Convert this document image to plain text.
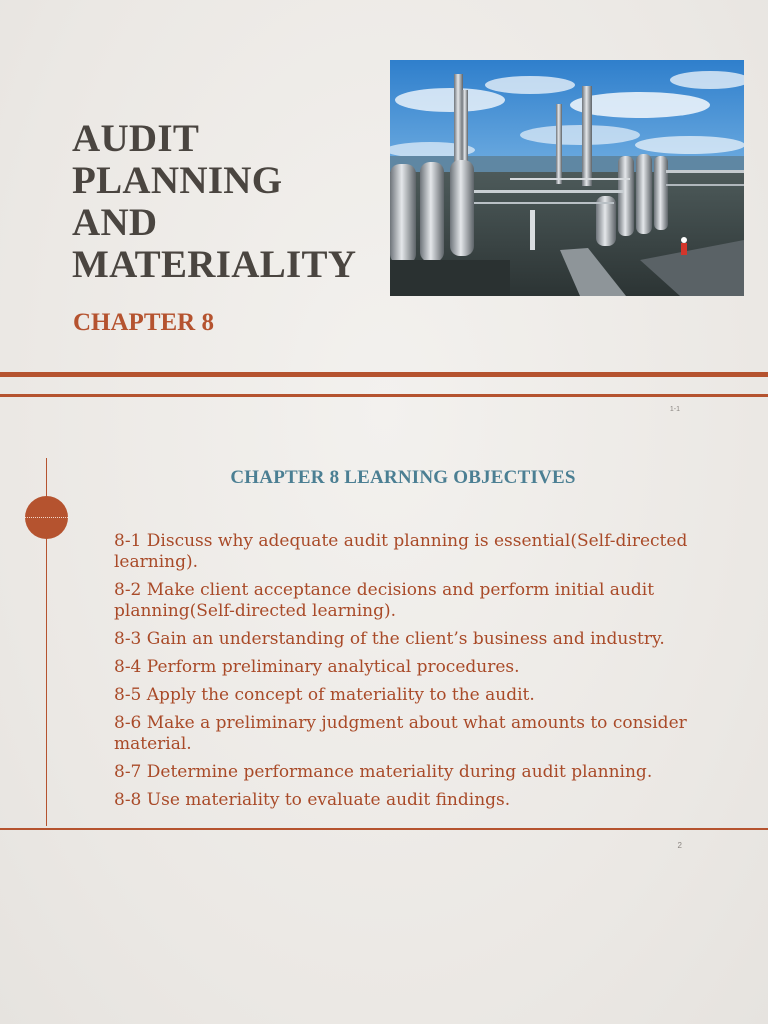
AUDIT
PLANNING
AND
MATERIALITY
CHAPTER 8
1-1
CHAPTER 8 LEARNING OBJECTIVES
8-1 Discuss why adequate audit planning is essential(Self-directed learning).
8-2 Make client acceptance decisions and perform initial audit planning(Self-directed learning).
8-3 Gain an understanding of the client’s business and industry.
8-4 Perform preliminary analytical procedures.
8-5 Apply the concept of materiality to the audit.
8-6 Make a preliminary judgment about what amounts to consider material.
8-7 Determine performance materiality during audit planning.
8-8 Use materiality to evaluate audit findings.
2
